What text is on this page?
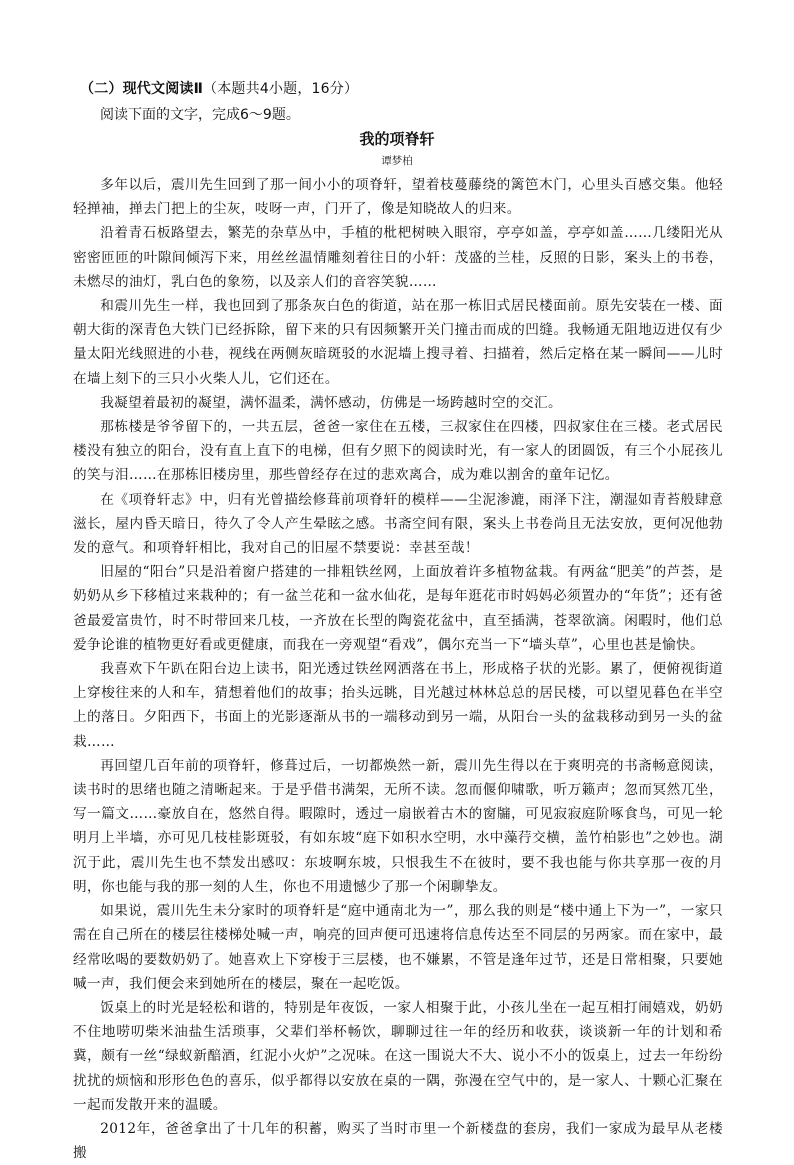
（二）现代文阅读Ⅱ（本题共4小题，16分）
阅读下面的文字，完成6～9题。
我的项脊轩
谭梦柏

多年以后，震川先生回到了那一间小小的项脊轩，望着枝蔓藤绕的篱笆木门，心里头百感交集。他轻轻掸袖，掸去门把上的尘灰，吱呀一声，门开了，像是知晓故人的归来。

沿着青石板路望去，繁芜的杂草丛中，手植的枇杷树映入眼帘，亭亭如盖，亭亭如盖……几缕阳光从密密匝匝的叶隙间倾泻下来，用丝丝温情雕刻着往日的小轩：茂盛的兰桂，反照的日影，案头上的书卷，未燃尽的油灯，乳白色的象笏，以及亲人们的音容笑貌……

和震川先生一样，我也回到了那条灰白色的街道，站在那一栋旧式居民楼面前。原先安装在一楼、面朝大街的深青色大铁门已经拆除，留下来的只有因频繁开关门撞击而成的凹缝。我畅通无阻地迈进仅有少量太阳光线照进的小巷，视线在两侧灰暗斑驳的水泥墙上搜寻着、扫描着，然后定格在某一瞬间——儿时在墙上刻下的三只小火柴人儿，它们还在。

我凝望着最初的凝望，满怀温柔，满怀感动，仿佛是一场跨越时空的交汇。

那栋楼是爷爷留下的，一共五层，爸爸一家住在五楼，三叔家住在四楼，四叔家住在三楼。老式居民楼没有独立的阳台，没有直上直下的电梯，但有夕照下的阅读时光，有一家人的团圆饭，有三个小屁孩儿的笑与泪……在那栋旧楼房里，那些曾经存在过的悲欢离合，成为难以割舍的童年记忆。

在《项脊轩志》中，归有光曾描绘修葺前项脊轩的模样——尘泥渗漉，雨泽下注，潮湿如青苔般肆意滋长，屋内昏天暗日，待久了令人产生晕眩之感。书斋空间有限，案头上书卷尚且无法安放，更何况他勃发的意气。和项脊轩相比，我对自己的旧屋不禁要说：幸甚至哉！

旧屋的“阳台”只是沿着窗户搭建的一排粗铁丝网，上面放着许多植物盆栽。有两盆“肥美”的芦荟，是奶奶从乡下移植过来栽种的；有一盆兰花和一盆水仙花，是每年逛花市时妈妈必须置办的“年货”；还有爸爸最爱富贵竹，时不时带回来几枝，一齐放在长型的陶瓷花盆中，直至插满，苍翠欲滴。闲暇时，他们总爱争论谁的植物更好看或更健康，而我在一旁观望“看戏”，偶尔充当一下“墙头草”，心里也甚是愉快。

我喜欢下午趴在阳台边上读书，阳光透过铁丝网洒落在书上，形成格子状的光影。累了，便俯视街道上穿梭往来的人和车，猜想着他们的故事；抬头远眺，目光越过林林总总的居民楼，可以望见暮色在半空上的落日。夕阳西下，书面上的光影逐渐从书的一端移动到另一端，从阳台一头的盆栽移动到另一头的盆栽……

再回望几百年前的项脊轩，修葺过后，一切都焕然一新，震川先生得以在于爽明亮的书斋畅意阅读，读书时的思绪也随之清晰起来。于是乎借书满架，无所不读。忽而偃仰啸歌，听万籁声；忽而冥然兀坐，写一篇文……豪放自在，悠然自得。暇隙时，透过一扇嵌着古木的窗牖，可见寂寂庭阶啄食鸟，可见一轮明月上半墙，亦可见几枝桂影斑驳，有如东坡“庭下如积水空明，水中藻荇交横，盖竹柏影也”之妙也。湖沉于此，震川先生也不禁发出感叹：东坡啊东坡，只恨我生不在彼时，要不我也能与你共享那一夜的月明，你也能与我的那一刻的人生，你也不用遗憾少了那一个闲聊挚友。

如果说，震川先生未分家时的项脊轩是“庭中通南北为一”，那么我的则是“楼中通上下为一”，一家只需在自己所在的楼层往楼梯处喊一声，响亮的回声便可迅速将信息传达至不同层的另两家。而在家中，最经常吆喝的要数奶奶了。她喜欢上下穿梭于三层楼，也不嫌累，不管是逢年过节，还是日常相聚，只要她喊一声，我们便会来到她所在的楼层，聚在一起吃饭。

饭桌上的时光是轻松和谐的，特别是年夜饭，一家人相聚于此，小孩儿坐在一起互相打闹嬉戏，奶奶不住地唠叨柴米油盐生活琐事，父辈们举杯畅饮，聊聊过往一年的经历和收获，谈谈新一年的计划和希冀，颇有一丝“绿蚁新醅酒，红泥小火炉”之况味。在这一围说大不大、说小不小的饭桌上，过去一年纷纷扰扰的烦恼和形形色色的喜乐，似乎都得以安放在桌的一隅，弥漫在空气中的，是一家人、十颗心汇聚在一起而发散开来的温暖。

2012年，爸爸拿出了十几年的积蓄，购买了当时市里一个新楼盘的套房，我们一家成为最早从老楼搬
